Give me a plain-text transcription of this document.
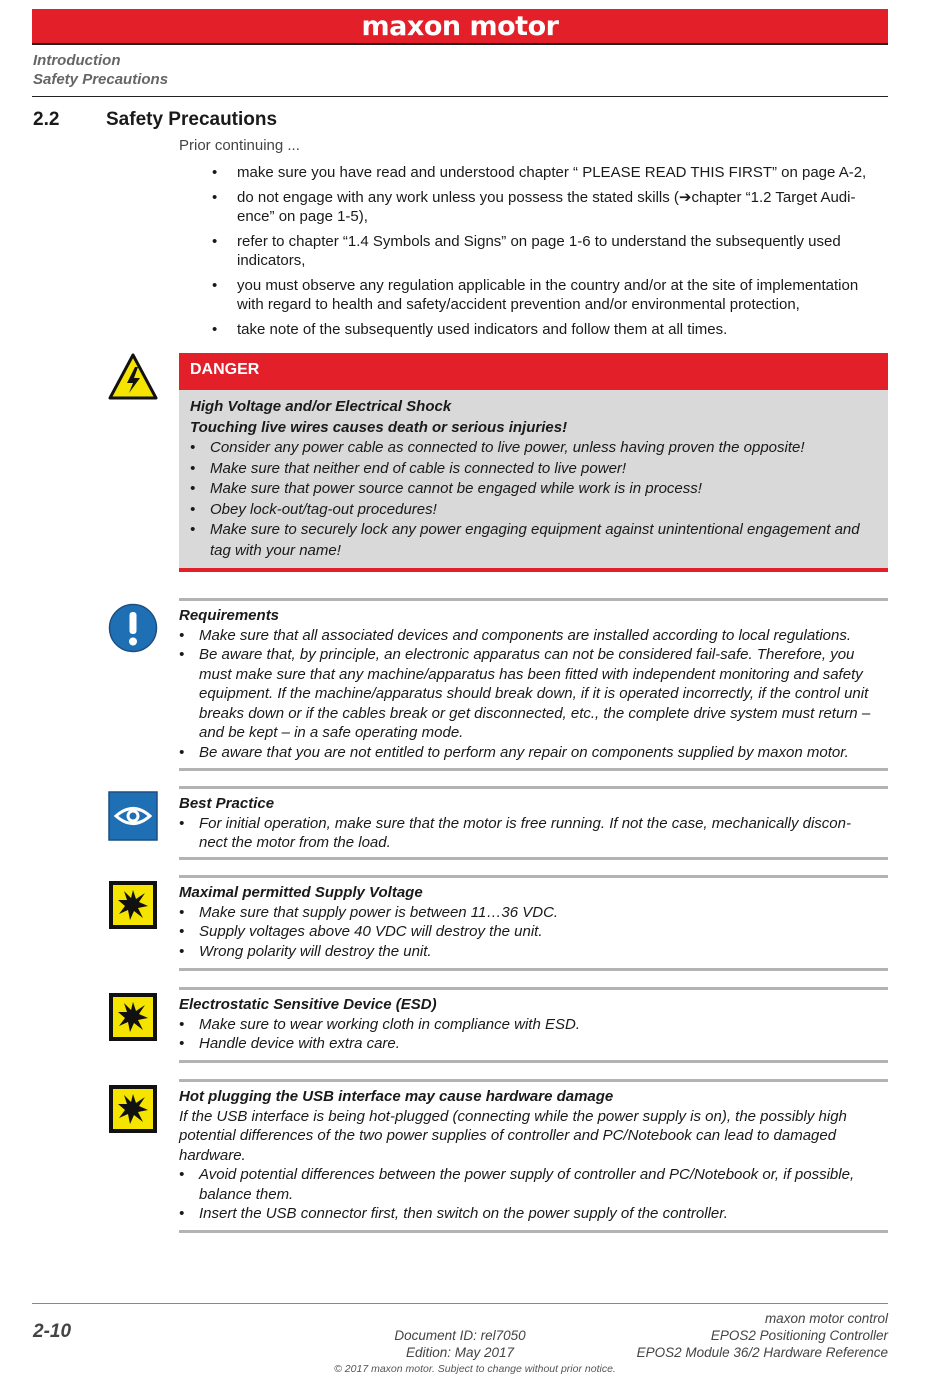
maxon motor
Introduction
Safety Precautions
2.2 Safety Precautions
Prior continuing ...
• make sure you have read and understood chapter “ PLEASE READ THIS FIRST” on page A-2,
• do not engage with any work unless you possess the stated skills (➔chapter “1.2 Target Audi-
ence” on page 1-5),
• refer to chapter “1.4 Symbols and Signs” on page 1-6 to understand the subsequently used
indicators,
• you must observe any regulation applicable in the country and/or at the site of implementation
with regard to health and safety/accident prevention and/or environmental protection,
• take note of the subsequently used indicators and follow them at all times.
DANGER
High Voltage and/or Electrical Shock
Touching live wires causes death or serious injuries!
• Consider any power cable as connected to live power, unless having proven the opposite!
• Make sure that neither end of cable is connected to live power!
• Make sure that power source cannot be engaged while work is in process!
• Obey lock-out/tag-out procedures!
• Make sure to securely lock any power engaging equipment against unintentional engagement and
tag with your name!

Requirements

• Make sure that all associated devices and components are installed according to local regulations.
• Be aware that, by principle, an electronic apparatus can not be considered fail-safe. Therefore, you
must make sure that any machine/apparatus has been fitted with independent monitoring and safety
equipment. If the machine/apparatus should break down, if it is operated incorrectly, if the control unit
breaks down or if the cables break or get disconnected, etc., the complete drive system must return –
and be kept – in a safe operating mode.
• Be aware that you are not entitled to perform any repair on components supplied by maxon motor.

Best Practice

• For initial operation, make sure that the motor is free running. If not the case, mechanically discon-
nect the motor from the load.

Maximal permitted Supply Voltage

• Make sure that supply power is between 11…36 VDC.
• Supply voltages above 40 VDC will destroy the unit.
• Wrong polarity will destroy the unit.

Electrostatic Sensitive Device (ESD)

• Make sure to wear working cloth in compliance with ESD.
• Handle device with extra care.

Hot plugging the USB interface may cause hardware damage

If the USB interface is being hot-plugged (connecting while the power supply is on), the possibly high
potential differences of the two power supplies of controller and PC/Notebook can lead to damaged
hardware.

• Avoid potential differences between the power supply of controller and PC/Notebook or, if possible,
balance them.
• Insert the USB connector first, then switch on the power supply of the controller.
2-10	Document ID: rel7050
Edition: May 2017
maxon motor control
EPOS2 Positioning Controller
EPOS2 Module 36/2 Hardware Reference
© 2017 maxon motor. Subject to change without prior notice.
